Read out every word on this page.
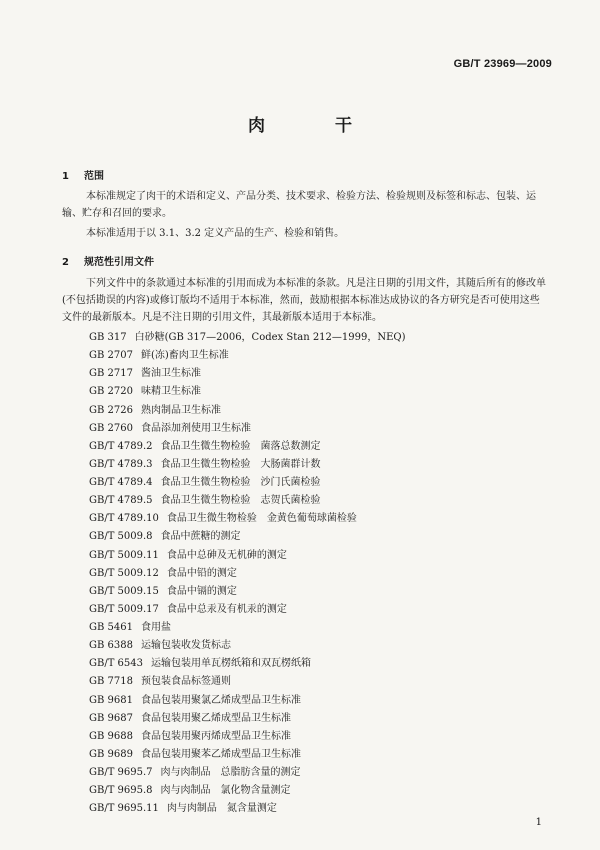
GB/T 23969—2009
肉	干
1 范围
本标准规定了肉干的术语和定义、产品分类、技术要求、检验方法、检验规则及标签和标志、包装、运输、贮存和召回的要求。
本标准适用于以 3.1、3.2 定义产品的生产、检验和销售。
2 规范性引用文件
下列文件中的条款通过本标准的引用而成为本标准的条款。凡是注日期的引用文件，其随后所有的修改单(不包括勘误的内容)或修订版均不适用于本标准，然而，鼓励根据本标准达成协议的各方研究是否可使用这些文件的最新版本。凡是不注日期的引用文件，其最新版本适用于本标准。
GB 317 白砂糖(GB 317—2006，Codex Stan 212—1999，NEQ)
GB 2707 鲜(冻)畜肉卫生标准
GB 2717 酱油卫生标准
GB 2720 味精卫生标准
GB 2726 熟肉制品卫生标准
GB 2760 食品添加剂使用卫生标准
GB/T 4789.2 食品卫生微生物检验　菌落总数测定
GB/T 4789.3 食品卫生微生物检验　大肠菌群计数
GB/T 4789.4 食品卫生微生物检验　沙门氏菌检验
GB/T 4789.5 食品卫生微生物检验　志贺氏菌检验
GB/T 4789.10 食品卫生微生物检验　金黄色葡萄球菌检验
GB/T 5009.8 食品中蔗糖的测定
GB/T 5009.11 食品中总砷及无机砷的测定
GB/T 5009.12 食品中铅的测定
GB/T 5009.15 食品中镉的测定
GB/T 5009.17 食品中总汞及有机汞的测定
GB 5461 食用盐
GB 6388 运输包装收发货标志
GB/T 6543 运输包装用单瓦楞纸箱和双瓦楞纸箱
GB 7718 预包装食品标签通则
GB 9681 食品包装用聚氯乙烯成型品卫生标准
GB 9687 食品包装用聚乙烯成型品卫生标准
GB 9688 食品包装用聚丙烯成型品卫生标准
GB 9689 食品包装用聚苯乙烯成型品卫生标准
GB/T 9695.7 肉与肉制品　总脂肪含量的测定
GB/T 9695.8 肉与肉制品　氯化物含量测定
GB/T 9695.11 肉与肉制品　氮含量测定
1
